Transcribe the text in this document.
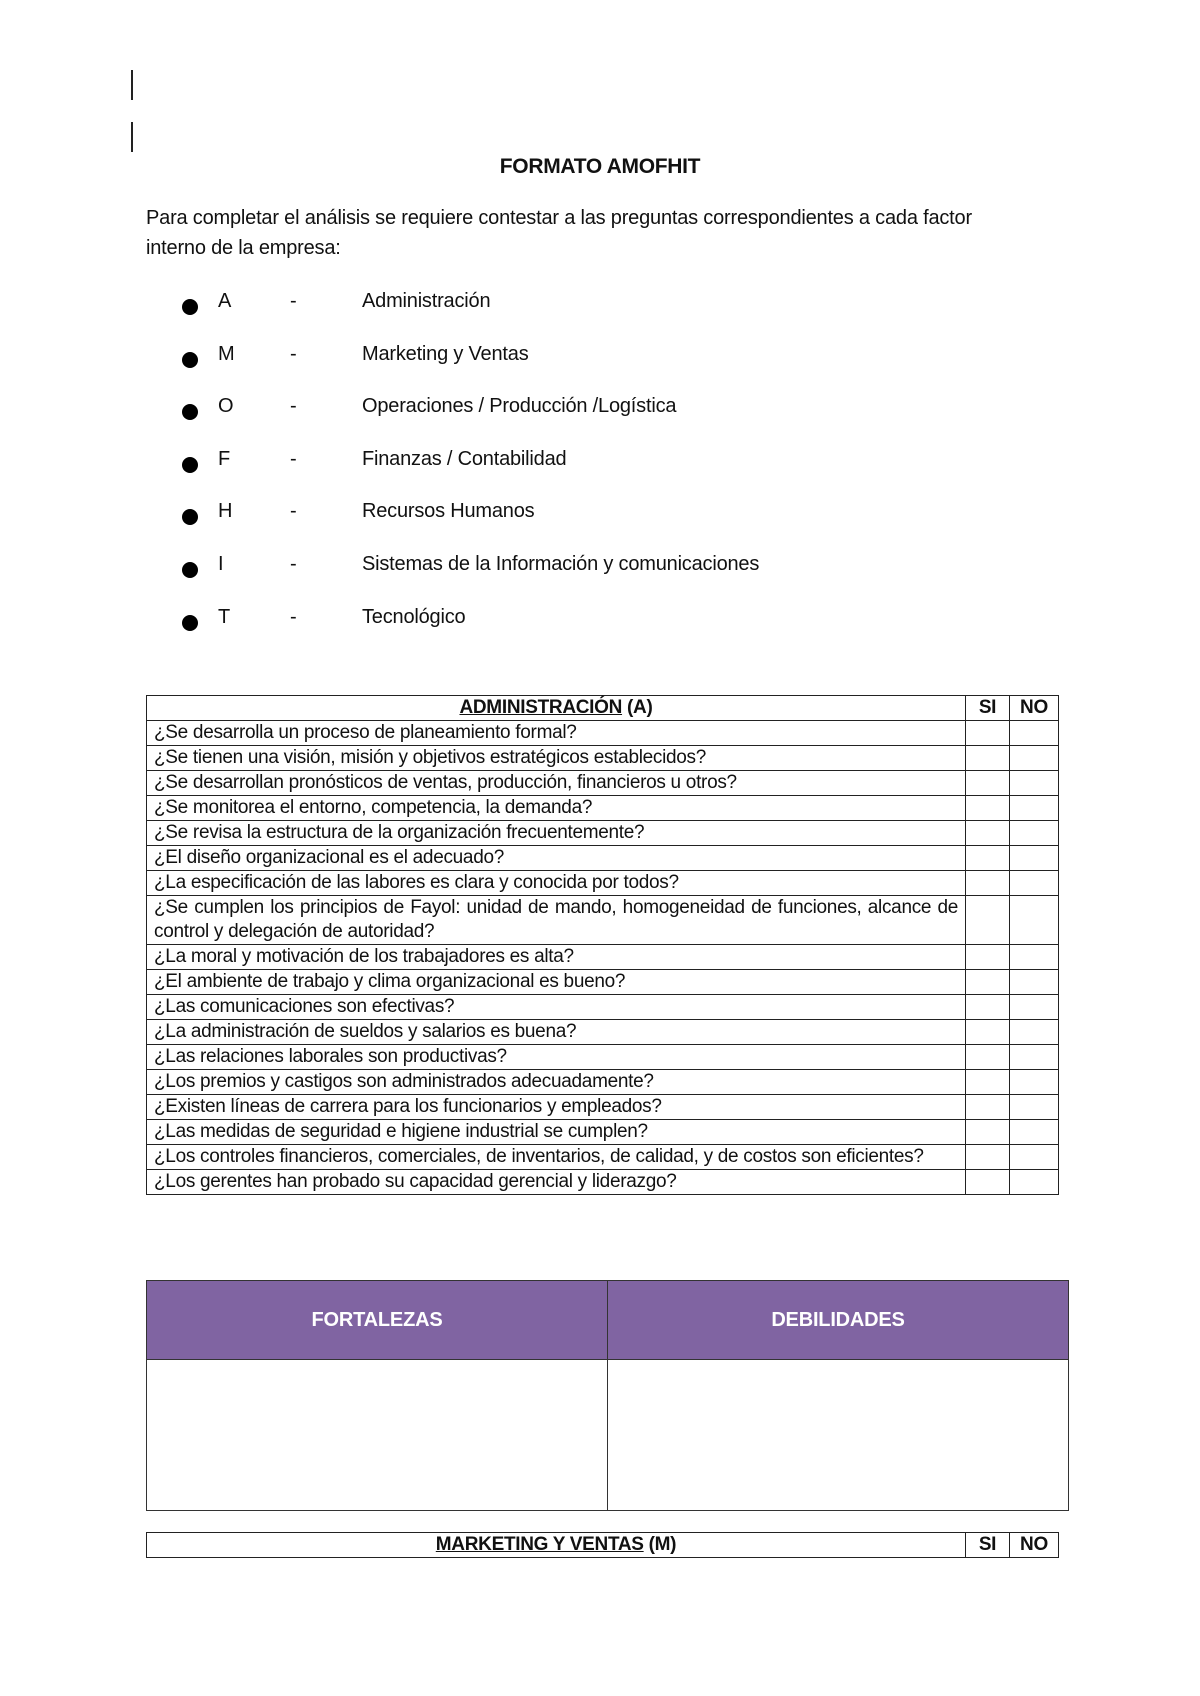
FORMATO AMOFHIT
Para completar el análisis se requiere contestar a las preguntas correspondientes a cada factor interno de la empresa:
A	-	Administración
M	-	Marketing y Ventas
O	-	Operaciones / Producción /Logística
F	-	Finanzas / Contabilidad
H	-	Recursos Humanos
I	-	Sistemas de la Información y comunicaciones
T	-	Tecnológico
ADMINISTRACIÓN (A)	SI	NO
¿Se desarrolla un proceso de planeamiento formal?		
¿Se tienen una visión, misión y objetivos estratégicos establecidos?		
¿Se desarrollan pronósticos de ventas, producción, financieros u otros?		
¿Se monitorea el entorno, competencia, la demanda?		
¿Se revisa la estructura de la organización frecuentemente?		
¿El diseño organizacional es el adecuado?		
¿La especificación de las labores es clara y conocida por todos?		
¿Se cumplen los principios de Fayol: unidad de mando, homogeneidad de funciones, alcance de control y delegación de autoridad?		
¿La moral y motivación de los trabajadores es alta?		
¿El ambiente de trabajo y clima organizacional es bueno?		
¿Las comunicaciones son efectivas?		
¿La administración de sueldos y salarios es buena?		
¿Las relaciones laborales son productivas?		
¿Los premios y castigos son administrados adecuadamente?		
¿Existen líneas de carrera para los funcionarios y empleados?		
¿Las medidas de seguridad e higiene industrial se cumplen?		
¿Los controles financieros, comerciales, de inventarios, de calidad, y de costos son eficientes?		
¿Los gerentes han probado su capacidad gerencial y liderazgo?		
FORTALEZAS	DEBILIDADES

MARKETING Y VENTAS (M)	SI	NO
